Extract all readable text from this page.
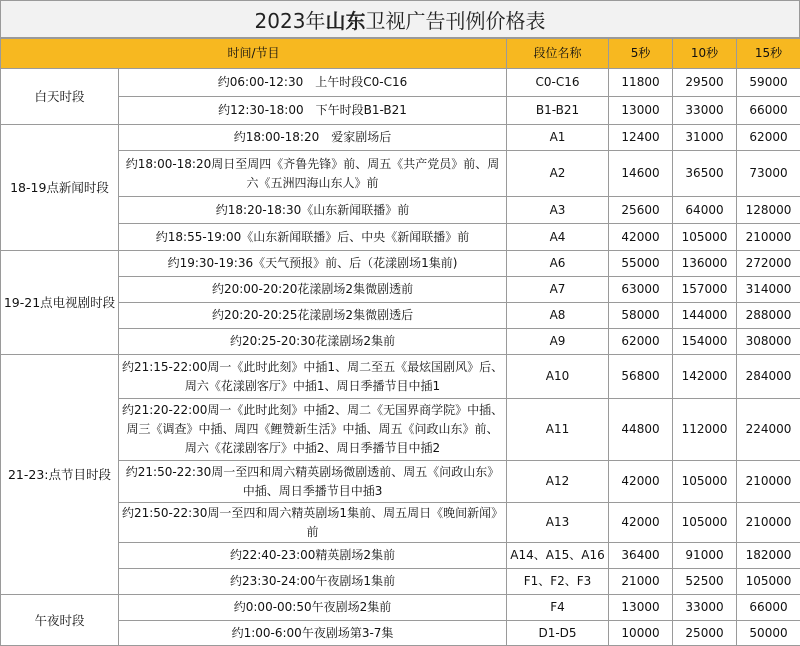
2023年 山东 卫视广告刊例价格表
时间/节目		段位名称	5秒	10秒	15秒
白天时段	约06:00-12:30　上午时段C0-C16	C0-C16	11800	29500	59000
	约12:30-18:00　下午时段B1-B21	B1-B21	13000	33000	66000
18-19点新闻时段	约18:00-18:20　爱家剧场后	A1	12400	31000	62000
	约18:00-18:20周日至周四《齐鲁先锋》前、周五《共产党员》前、周六《五洲四海山东人》前	A2	14600	36500	73000
	约18:20-18:30《山东新闻联播》前	A3	25600	64000	128000
	约18:55-19:00《山东新闻联播》后、中央《新闻联播》前	A4	42000	105000	210000
19-21点电视剧时段	约19:30-19:36《天气预报》前、后（花漾剧场1集前)	A6	55000	136000	272000
	约20:00-20:20花漾剧场2集微剧透前	A7	63000	157000	314000
	约20:20-20:25花漾剧场2集微剧透后	A8	58000	144000	288000
	约20:25-20:30花漾剧场2集前	A9	62000	154000	308000
21-23:点节目时段	约21:15-22:00周一《此时此刻》中插1、周二至五《最炫国剧风》后、周六《花漾剧客厅》中插1、周日季播节目中插1	A10	56800	142000	284000
	约21:20-22:00周一《此时此刻》中插2、周二《无国界商学院》中插、周三《调查》中插、周四《鲤赞新生活》中插、周五《问政山东》前、周六《花漾剧客厅》中插2、周日季播节目中插2	A11	44800	112000	224000
	约21:50-22:30周一至四和周六精英剧场微剧透前、周五《问政山东》中插、周日季播节目中插3	A12	42000	105000	210000
	约21:50-22:30周一至四和周六精英剧场1集前、周五周日《晚间新闻》前	A13	42000	105000	210000
	约22:40-23:00精英剧场2集前	A14、A15、A16	36400	91000	182000
	约23:30-24:00午夜剧场1集前	F1、F2、F3	21000	52500	105000
午夜时段	约0:00-00:50午夜剧场2集前	F4	13000	33000	66000
	约1:00-6:00午夜剧场第3-7集	D1-D5	10000	25000	50000
